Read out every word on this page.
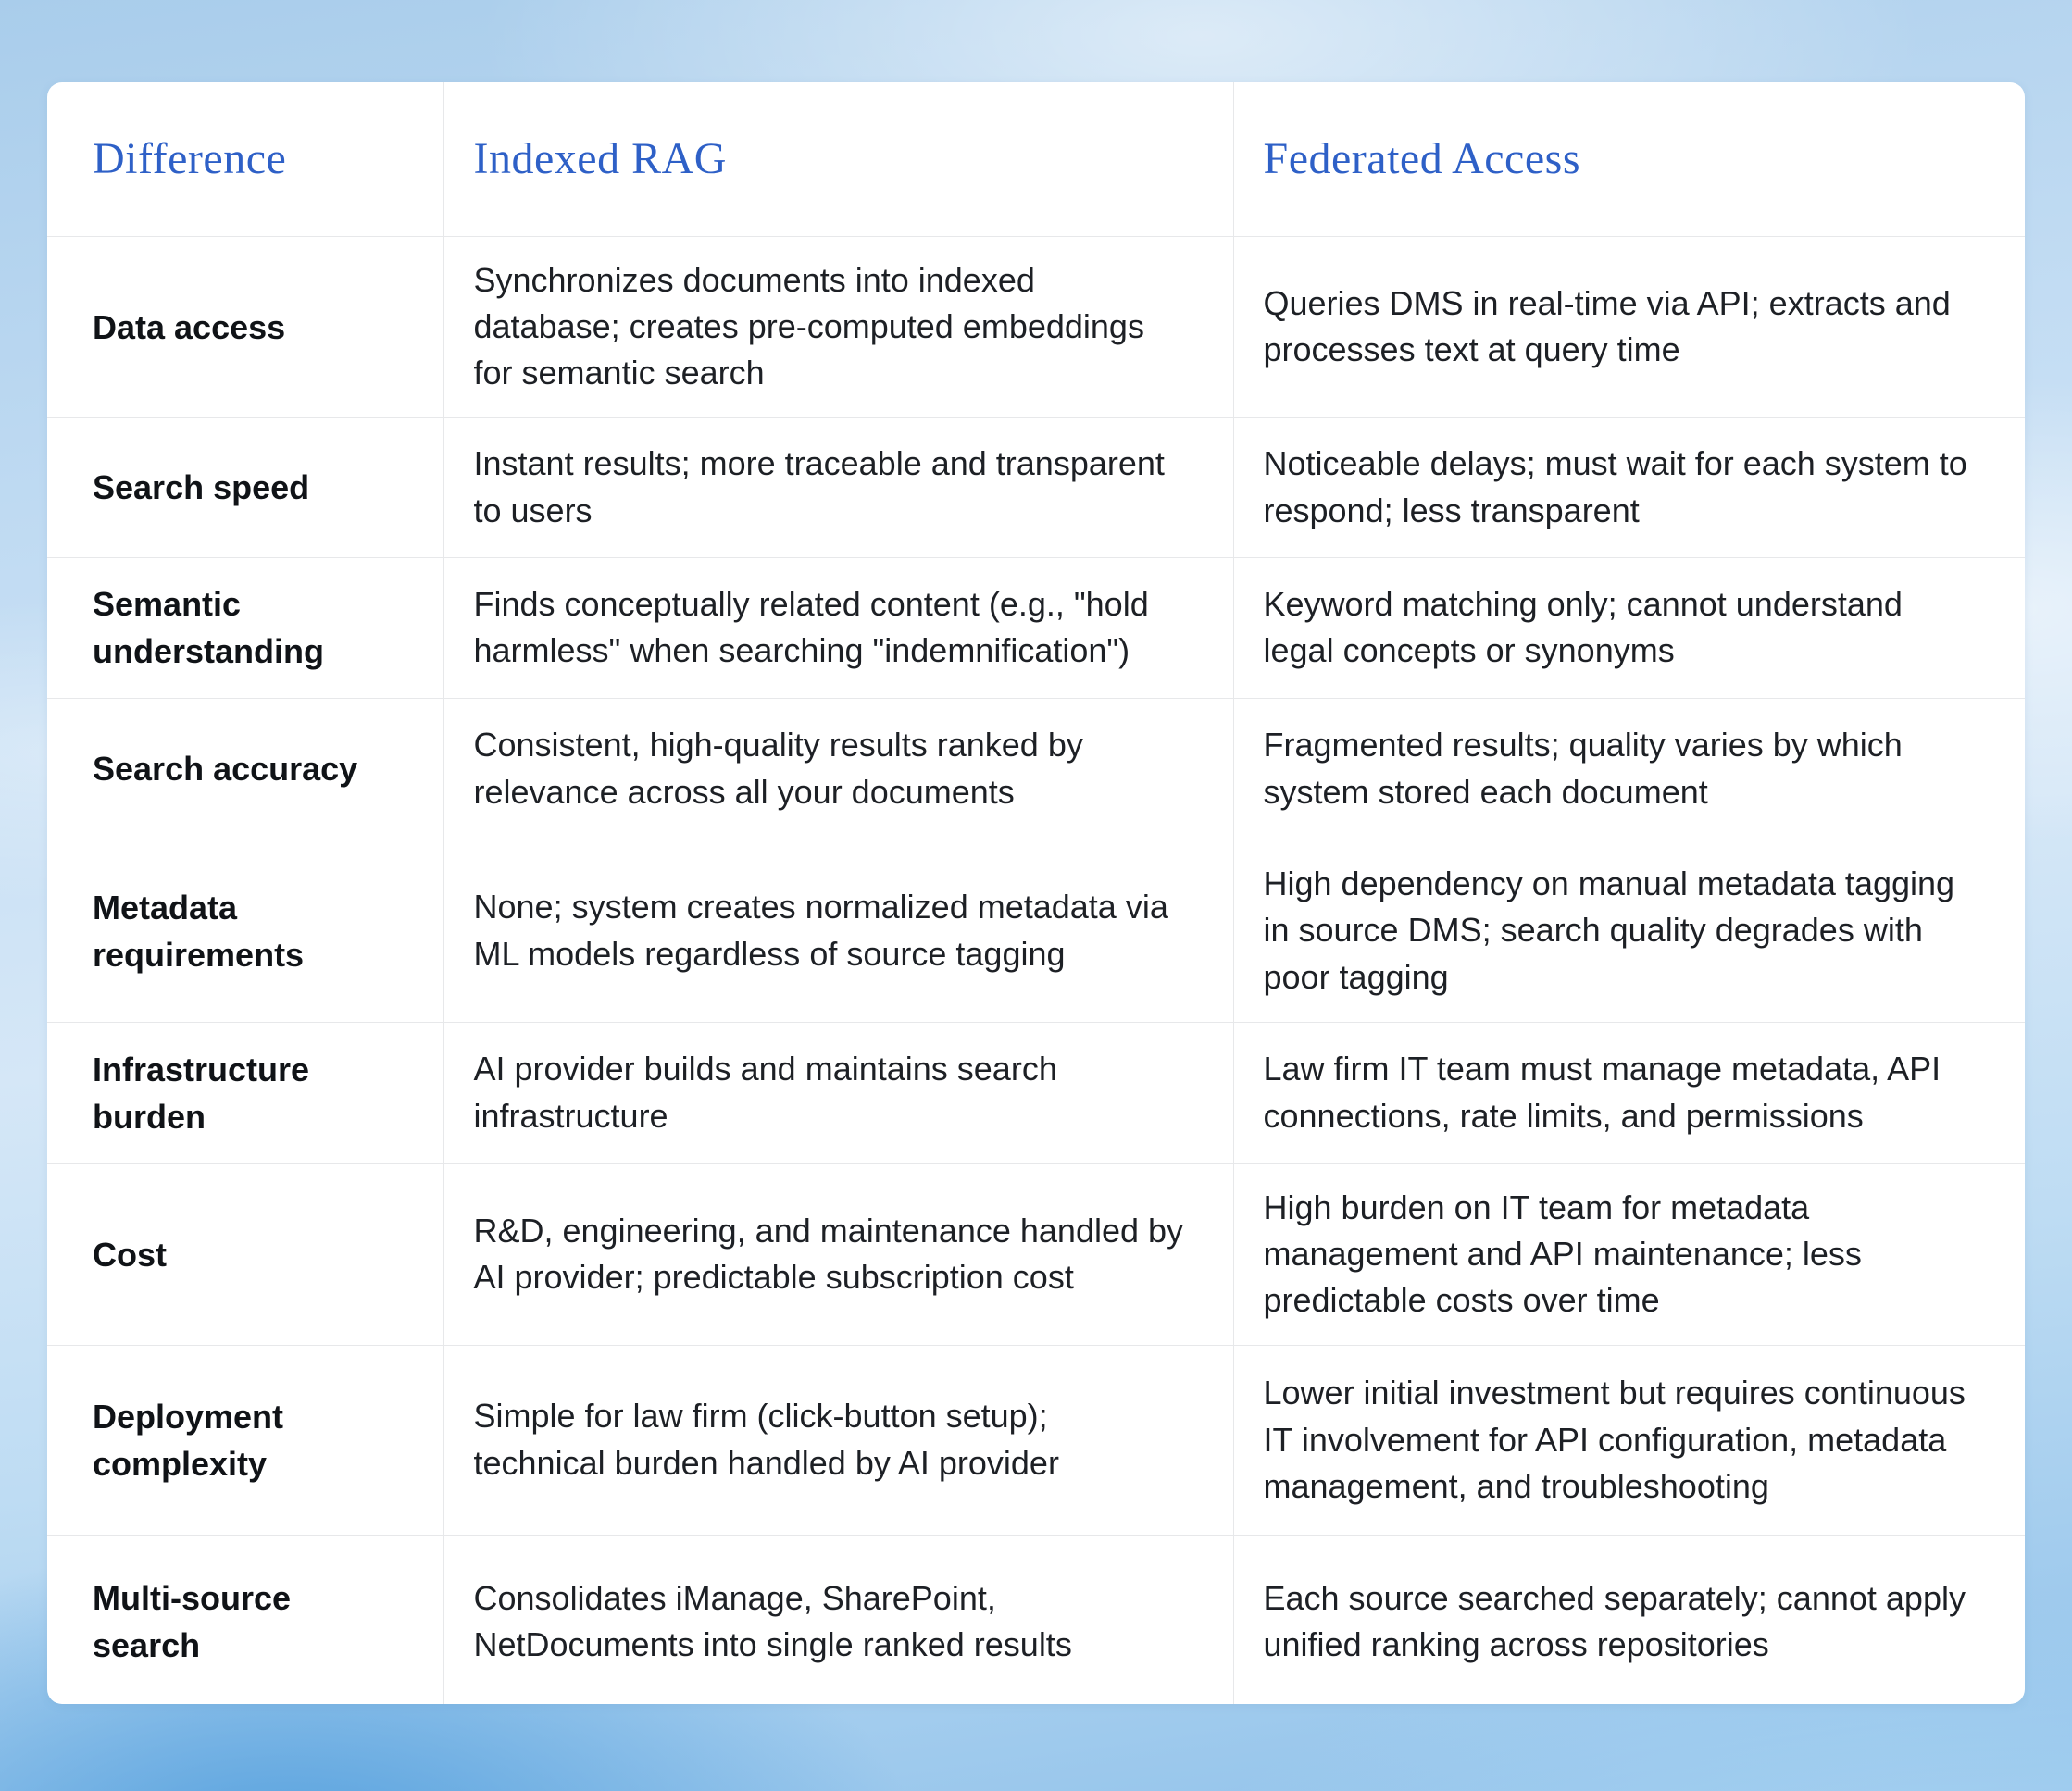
Difference	Indexed RAG	Federated Access
Data access	Synchronizes documents into indexed database; creates pre-computed embeddings for semantic search	Queries DMS in real-time via API; extracts and processes text at query time
Search speed	Instant results; more traceable and transparent to users	Noticeable delays; must wait for each system to respond; less transparent
Semantic understanding	Finds conceptually related content (e.g., "hold harmless" when searching "indemnification")	Keyword matching only; cannot understand legal concepts or synonyms
Search accuracy	Consistent, high-quality results ranked by relevance across all your documents	Fragmented results; quality varies by which system stored each document
Metadata requirements	None; system creates normalized metadata via ML models regardless of source tagging	High dependency on manual metadata tagging in source DMS; search quality degrades with poor tagging
Infrastructure burden	AI provider builds and maintains search infrastructure	Law firm IT team must manage metadata, API connections, rate limits, and permissions
Cost	R&D, engineering, and maintenance handled by AI provider; predictable subscription cost	High burden on IT team for metadata management and API maintenance; less predictable costs over time
Deployment complexity	Simple for law firm (click-button setup); technical burden handled by AI provider	Lower initial investment but requires continuous IT involvement for API configuration, metadata management, and troubleshooting
Multi-source search	Consolidates iManage, SharePoint, NetDocuments into single ranked results	Each source searched separately; cannot apply unified ranking across repositories
